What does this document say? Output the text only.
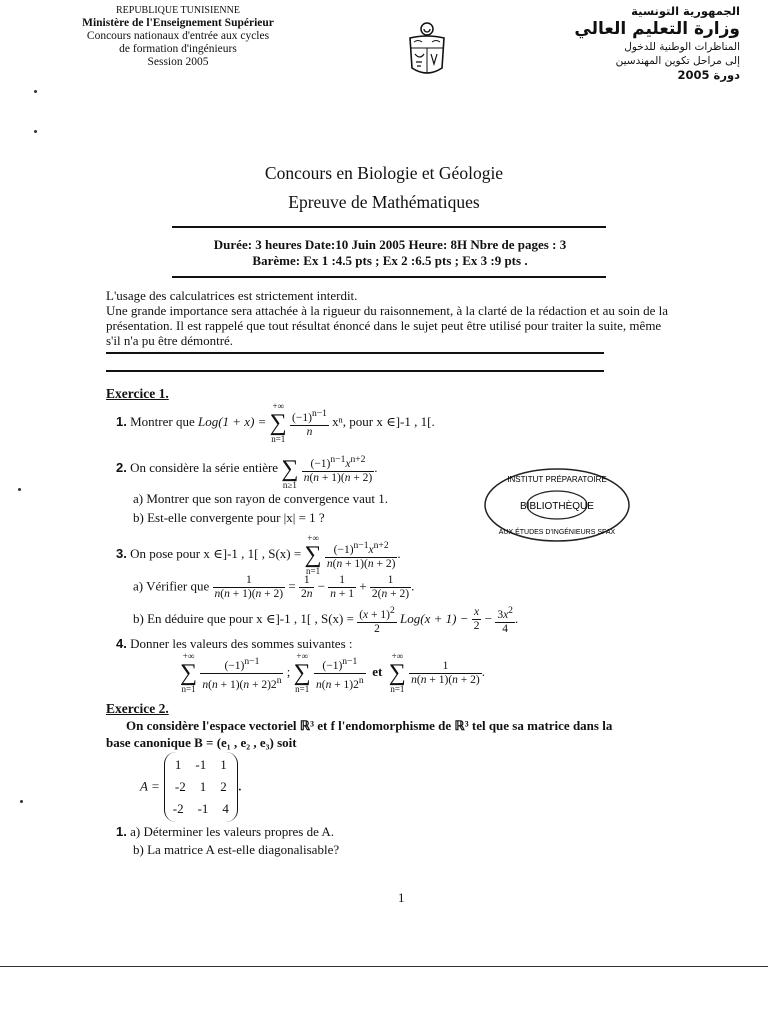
REPUBLIQUE TUNISIENNE
Ministère de l'Enseignement Supérieur
Concours nationaux d'entrée aux cycles de formation d'ingénieurs
Session 2005
الجمهورية التونسية
وزارة التعليم العالي
المناظرات الوطنية للدخول
إلى مراحل تكوين المهندسين
دورة 2005
Concours en Biologie et Géologie
Epreuve de Mathématiques
Durée: 3 heures Date:10 Juin 2005 Heure: 8H Nbre de pages : 3
Barème: Ex 1 :4.5 pts ; Ex 2 :6.5 pts ; Ex 3 :9 pts .
L'usage des calculatrices est strictement interdit.
Une grande importance sera attachée à la rigueur du raisonnement, à la clarté de la rédaction et au soin de la présentation. Il est rappelé que tout résultat énoncé dans le sujet peut être utilisé pour traiter la suite, même s'il n'a pu être démontré.
Exercice 1.
1. Montrer que Log(1 + x) = +∞
∑
n=1
$\frac{(-1)^{n-1}}{n} x^n$, pour x ∈]-1 , 1[.
2. On considère la série entière ∑
n≥1
$\frac{(-1)^{n-1}x^{n+2}}{n(n + 1)(n + 2)}$ .
a) Montrer que son rayon de convergence vaut 1.
b) Est-elle convergente pour |x| = 1 ?
BIBLIOTHÈQUE
INSTITUT PRÉPARATOIRE
AUX ÉTUDES D'INGÉNIEURS SFAX
3. On pose pour x ∈]-1 , 1[ , S(x) = +∞
∑
n=1
$\frac{(-1)^{n-1}x^{n+2}}{n(n + 1)(n + 2)}$ .
a) Vérifier que $\frac{1}{n(n + 1)(n + 2)} = \frac{1}{2n} - \frac{1}{n + 1} + \frac{1}{2(n + 2)}$ .
b) En déduire que pour x ∈]-1 , 1[ , $S(x) = \frac{(x + 1)^2}{2} Log(x + 1) - \frac{x}{2} - \frac{3x^2}{4}$ .
4. Donner les valeurs des sommes suivantes :
+∞
∑
$n=1 \frac{(-1)^{n-1}}{n(n + 1)(n + 2)2^n}$ ; +∞
∑
$n=1 \frac{(-1)^{n-1}}{n(n + 1)2^n}$ et  +∞
∑
n=1
$\frac{1}{n(n + 1)(n + 2)}$ .
Exercice 2.
On considère l'espace vectoriel ℝ³ et f l'endomorphisme de ℝ³ tel que sa matrice dans la
base canonique B = (e₁ , e₂ , e₃) soit
A =
1 -1 1
-2 1 2
-2 -1 4
.
1. a) Déterminer les valeurs propres de A.
b) La matrice A est-elle diagonalisable?
1
